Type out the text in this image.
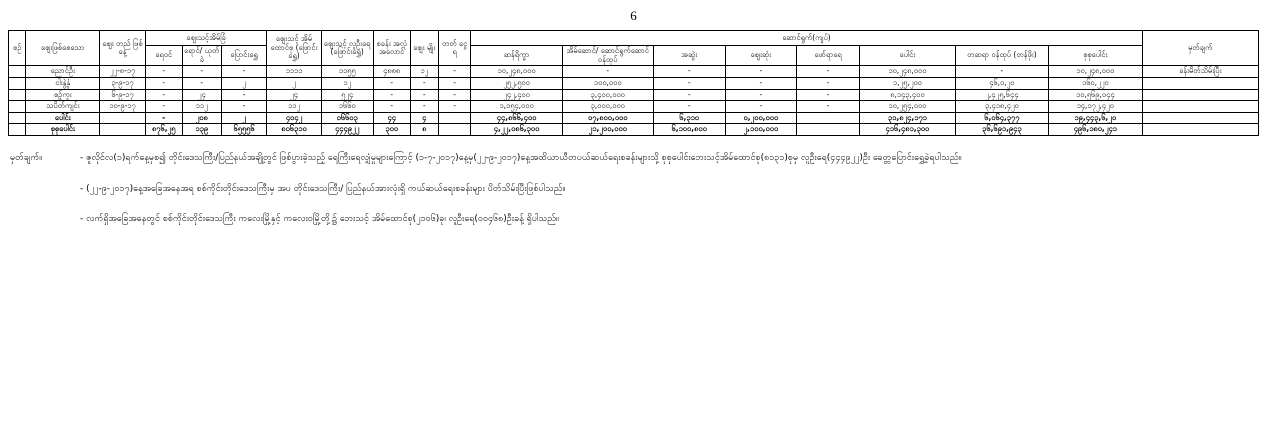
6
စဉ်	ဈေးဖြစ်စေသော	ဈေး တည် ဖြစ်နေ့	ဈေးသင့်အိမ်ခြံ			ဈေးသင့် အိမ် ထောင်စု (ဖြောင်းရွှေ)	ဈေးသင့် လူဦးရေ (ဖြောင်းရွှေ)	စခန်း အလုံ အလောင်	ဈေး မျိုး	တတ် ငွေ ရ	ဆောင်ရွက်(ကျပ်)								မှတ်ချက်
			ရေဝင်	ရောင်/ ယုတ်ခဲ	ပြောင်းရွှေ						ဆန်ရိက္ခာ	အိမ်ဆောင်/ ဆောင်ရွက်ဆောင် ဝန်ထုပ်	အဆွဲး	ဈေးဆုံး	ဖော်ရာရေ	ပေါင်း	တဆရာ ဝန်ထုပ် (တန်ဖိုး)	စုစုပေါင်း	

	ညောင်ဦး	၂၂-၈-၁၇	-	-	-	၁၁၁၁	၁၁၅၅	၄၈၈၈	၁၂	-	၁၀,၂၄၈,၀၀၀	-	-	-	-	၁၀,၂၄၈,၀၀၀	-	၁၀,၂၄၈,၀၀၀	ခန်းမိတ်သိမ်းပြီး
	ငါးနွဲ့နှံ	၃-၉-၁၇	-	-	၂	၂	၁၂	-	-	-	၂၅၂,၅၀၀	၁၀၀,၀၀၀	-	-	-	၁,၂၅,၂၀၀	၄၆,၀,၂၀	၁၆၀,၂၂၀	
	စဉ့်ကူး	၆-၉-၁၇	-	၂၄	-	၂၄	၅၂၄	-	-	-	၂၄၂,၄၀၀	၃,၄၀၀,၀၀၀	-	-	-	၈,၁၄၃,၄၀၀	၂,၄၂၅,၆၄၄	၁၀,၅၆၉,၀၄၄	
	သပိတ်ကျင်း	၁၀-၉-၁၇	-	၁၁၂	-	၁၁၂	၁၆၆၀	-	-	-	၁,၁၅၄,၀၀၀	၃,၀၀၀,၀၀၀	-	-	-	၁၀,၂၅၄,၀၀၀	၃,၄၁၈,၄၂၀	၁၄,၁၇၂,၄၂၀	
	ပေါင်း		-	၂၀၈	၂	၄၀၄၂	၀၆၆၀၃	၄၄	၄		၄၄,၈၆၆,၄၀၀	၀၇,၈၀၀,၀၀၀	၆,၃၁၀	၀,၂၀၀,၀၀၀		၃၁,၈၂၄,၁၇၁	၆,၀၆၄,၃၇၇	၁၉,၄၄၃,၆,၂၀	
	စုစုပေါင်း		၈၇၆,၂၅	၁၃၉	၆၅၅၅၆	၈၀၆၃၁၀	၄၄၄၉၂၂	၃၀၀	၈		၄,၂၂,၀၈၆,၃၀၀	၂၁,၂၀၀,၀၀၀	၆,၁၀၀,၈၀၀	၂,၁၀၀,၀၀၀		၄၁၆,၄၈၁,၃၀၀	၃၆,၆၉၁,၉၄၃	၄၉၆,၁၈၀,၂၄၁	
မှတ်ချက်။	- ဇူလိုင်လ(၁)ရက်နေ့မှစ၍ တိုင်းဒေသကြီး/ပြည်နယ်အချို့တွင် ဖြစ်ပွားခဲ့သည့် ရေကြီးရေလျှံမှုများကြောင့် (၁-၇-၂၀၁၇)နေ့မှ(၂၂-၉-၂၀၁၇)နေ့အထိယာယီတပယ်ဆယ်ရေးစခန်းများသို့ စုစုပေါင်းဘေးသင့်အိမ်ထောင်စု(၈၁၃၁)စုမှ လူဦးရေ(၄၄၄၉၂၂)ဦး ခေတ္တပြောင်းရွှေ့ခဲ့ရပါသည်။
- (၂၂-၉-၂၀၁၇)နေ့အခြေအနေအရ စစ်ကိုင်းတိုင်းဒေသကြီးမှ အပ တိုင်းဒေသကြီး/ ပြည်နယ်အားလုံးရှိ ကယ်ဆယ်ရေးစခန်းများ ပိတ်သိမ်းပြီးဖြစ်ပါသည်။
- လက်ရှိအခြေအနေတွင် စစ်ကိုင်းတိုင်းဒေသကြီး ကလေးမြို့နှင့် ကလေးဝမြို့တို့၌ ဘေးသင့် အိမ်ထောင်စု(၂၁၀၆)ခု၊ လူဦးရေ(၀၀၄၆၈)ဦးခန့် ရှိပါသည်။
